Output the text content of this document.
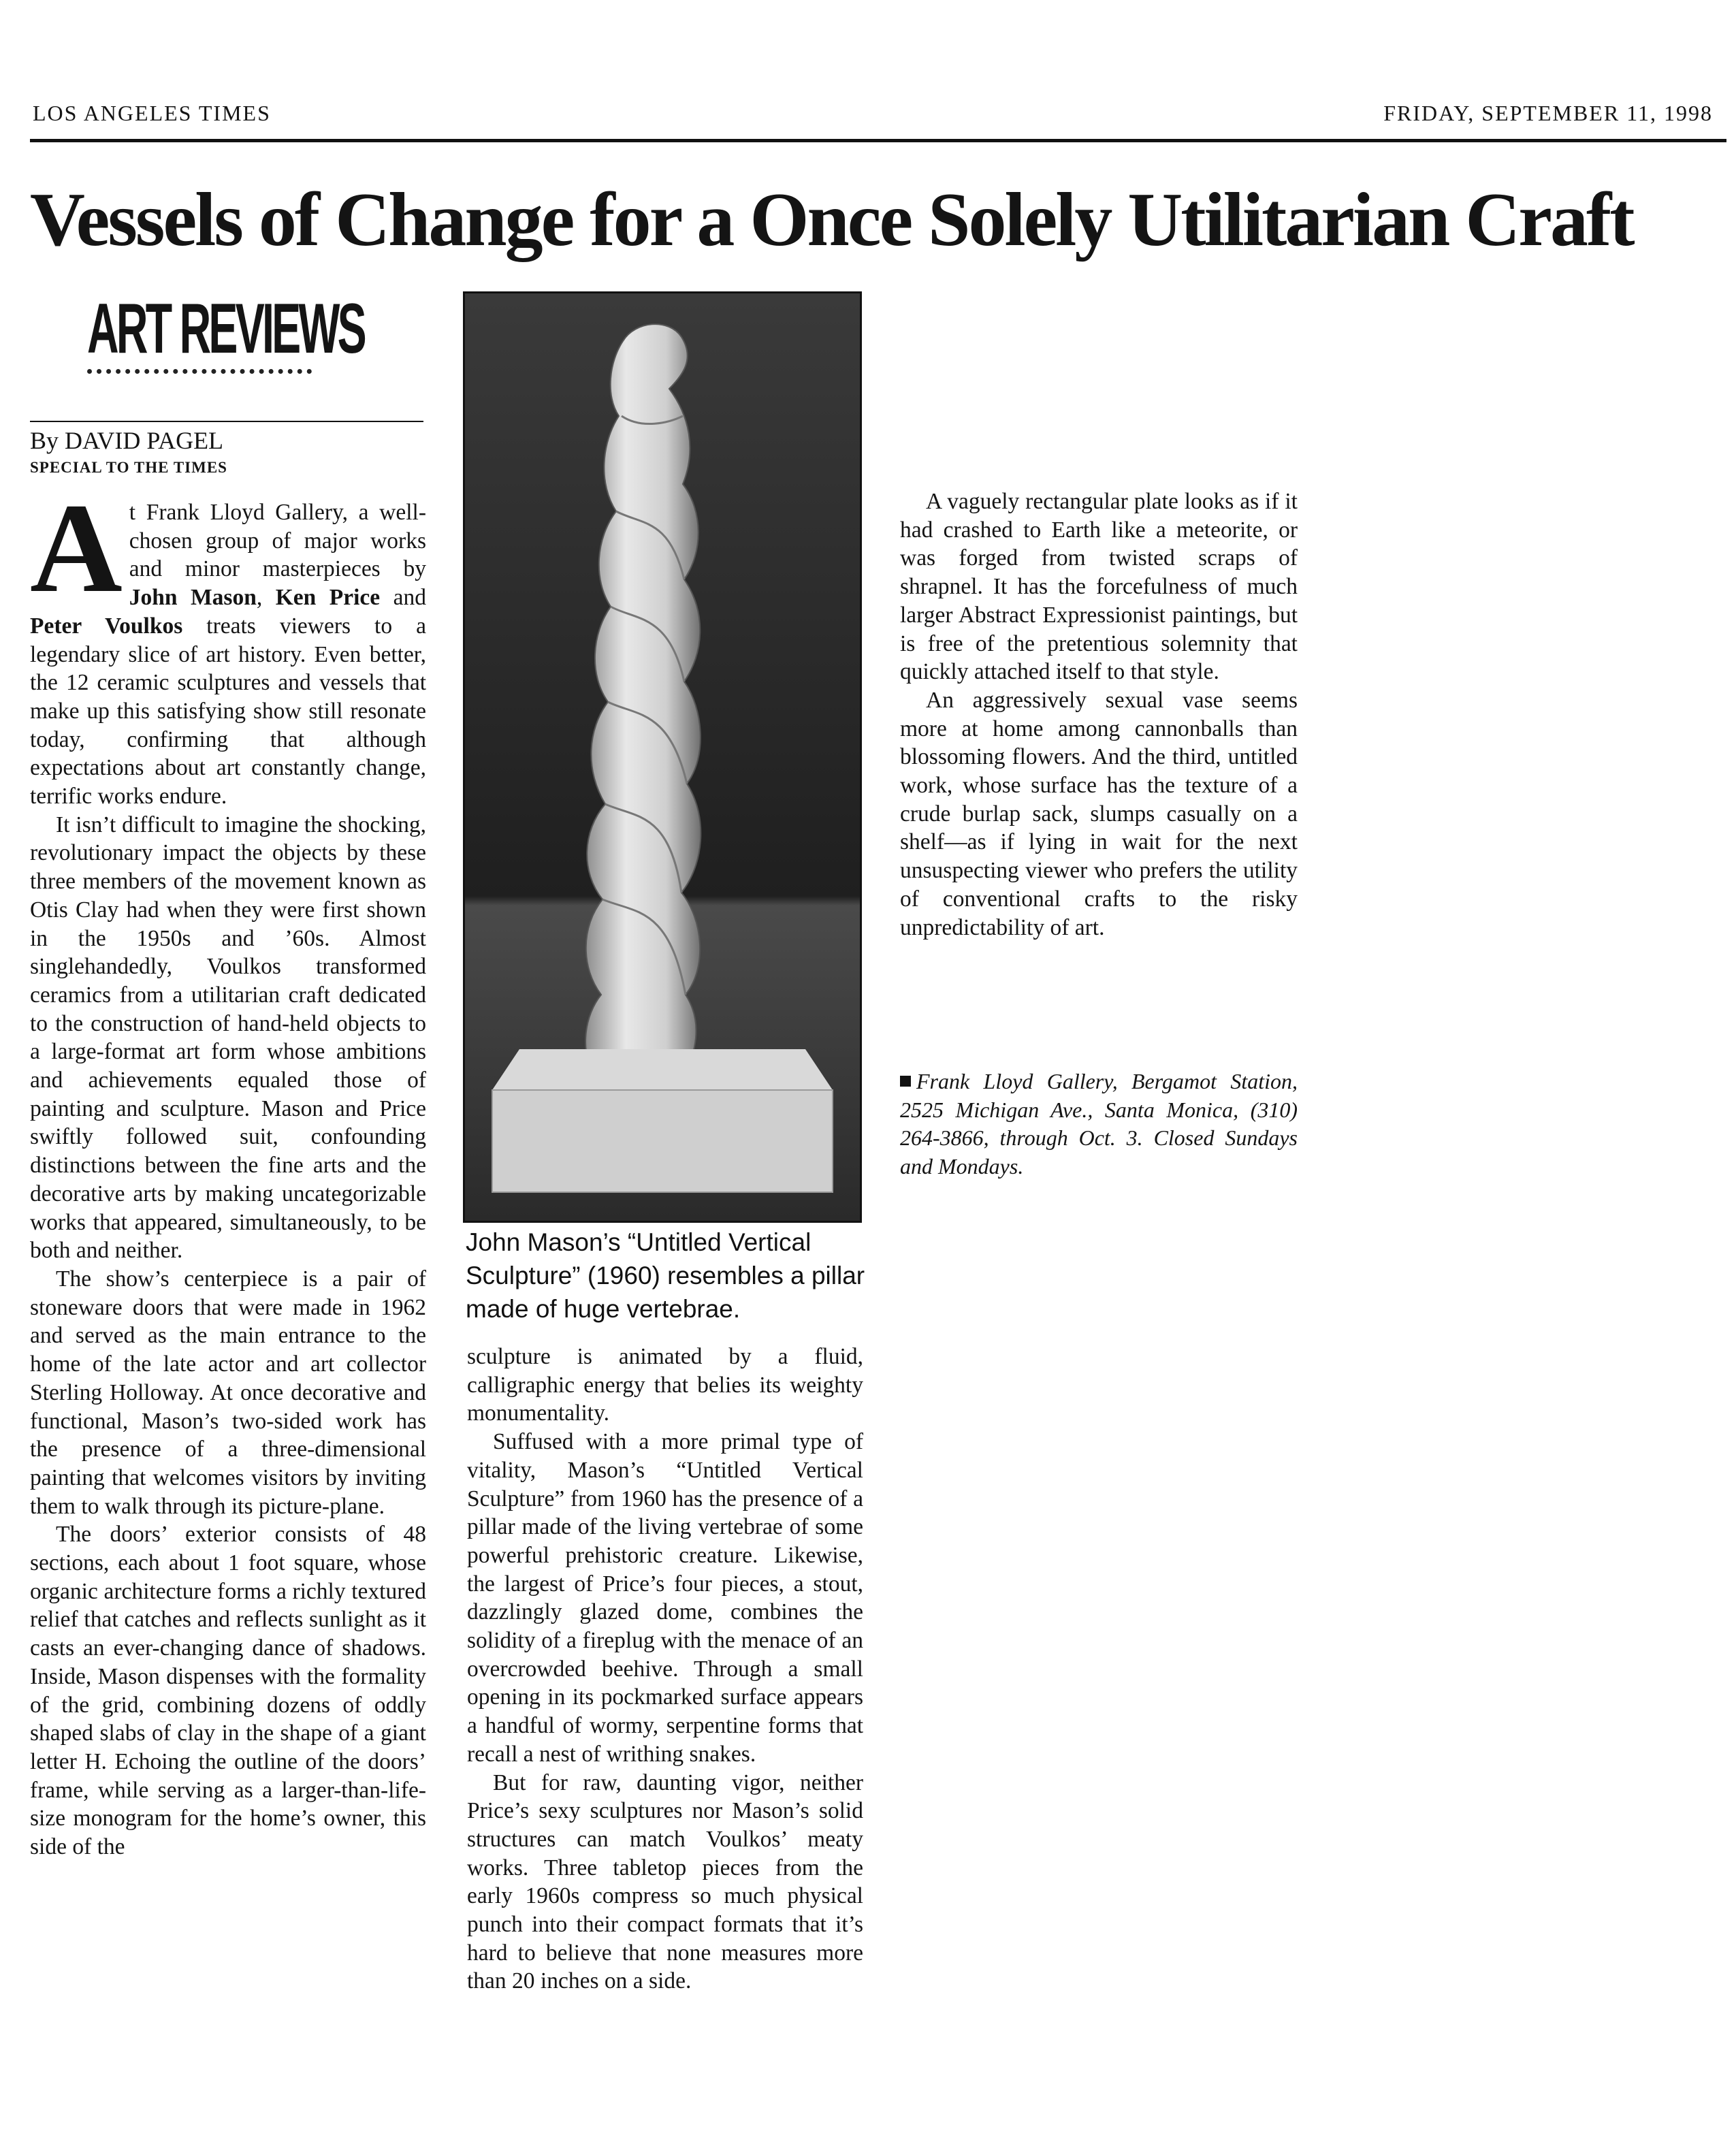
LOS ANGELES TIMES	FRIDAY, SEPTEMBER 11, 1998
Vessels of Change for a Once Solely Utilitarian Craft
ART REVIEWS
By DAVID PAGEL
SPECIAL TO THE TIMES

At Frank Lloyd Gallery, a well-chosen group of major works and minor masterpieces by John Mason, Ken Price and Peter Voulkos treats viewers to a legendary slice of art history. Even better, the 12 ceramic sculptures and vessels that make up this satisfying show still resonate today, confirming that although expectations about art constantly change, terrific works endure.

It isn’t difficult to imagine the shocking, revolutionary impact the objects by these three members of the movement known as Otis Clay had when they were first shown in the 1950s and ’60s. Almost singlehandedly, Voulkos transformed ceramics from a utilitarian craft dedicated to the construction of hand-held objects to a large-format art form whose ambitions and achievements equaled those of painting and sculpture. Mason and Price swiftly followed suit, confounding distinctions between the fine arts and the decorative arts by making uncategorizable works that appeared, simultaneously, to be both and neither.

The show’s centerpiece is a pair of stoneware doors that were made in 1962 and served as the main entrance to the home of the late actor and art collector Sterling Holloway. At once decorative and functional, Mason’s two-sided work has the presence of a three-dimensional painting that welcomes visitors by inviting them to walk through its picture-plane.

The doors’ exterior consists of 48 sections, each about 1 foot square, whose organic architecture forms a richly textured relief that catches and reflects sunlight as it casts an ever-changing dance of shadows. Inside, Mason dispenses with the formality of the grid, combining dozens of oddly shaped slabs of clay in the shape of a giant letter H. Echoing the outline of the doors’ frame, while serving as a larger-than-life-size monogram for the home’s owner, this side of the

John Mason’s “Untitled Vertical Sculpture” (1960) resembles a pillar made of huge vertebrae.

sculpture is animated by a fluid, calligraphic energy that belies its weighty monumentality.

Suffused with a more primal type of vitality, Mason’s “Untitled Vertical Sculpture” from 1960 has the presence of a pillar made of the living vertebrae of some powerful prehistoric creature. Likewise, the largest of Price’s four pieces, a stout, dazzlingly glazed dome, combines the solidity of a fireplug with the menace of an overcrowded beehive. Through a small opening in its pockmarked surface appears a handful of wormy, serpentine forms that recall a nest of writhing snakes.

But for raw, daunting vigor, neither Price’s sexy sculptures nor Mason’s solid structures can match Voulkos’ meaty works. Three tabletop pieces from the early 1960s compress so much physical punch into their compact formats that it’s hard to believe that none measures more than 20 inches on a side.

A vaguely rectangular plate looks as if it had crashed to Earth like a meteorite, or was forged from twisted scraps of shrapnel. It has the forcefulness of much larger Abstract Expressionist paintings, but is free of the pretentious solemnity that quickly attached itself to that style.

An aggressively sexual vase seems more at home among cannonballs than blossoming flowers. And the third, untitled work, whose surface has the texture of a crude burlap sack, slumps casually on a shelf—as if lying in wait for the next unsuspecting viewer who prefers the utility of conventional crafts to the risky unpredictability of art.

Frank Lloyd Gallery, Bergamot Station, 2525 Michigan Ave., Santa Monica, (310) 264-3866, through Oct. 3. Closed Sundays and Mondays.
